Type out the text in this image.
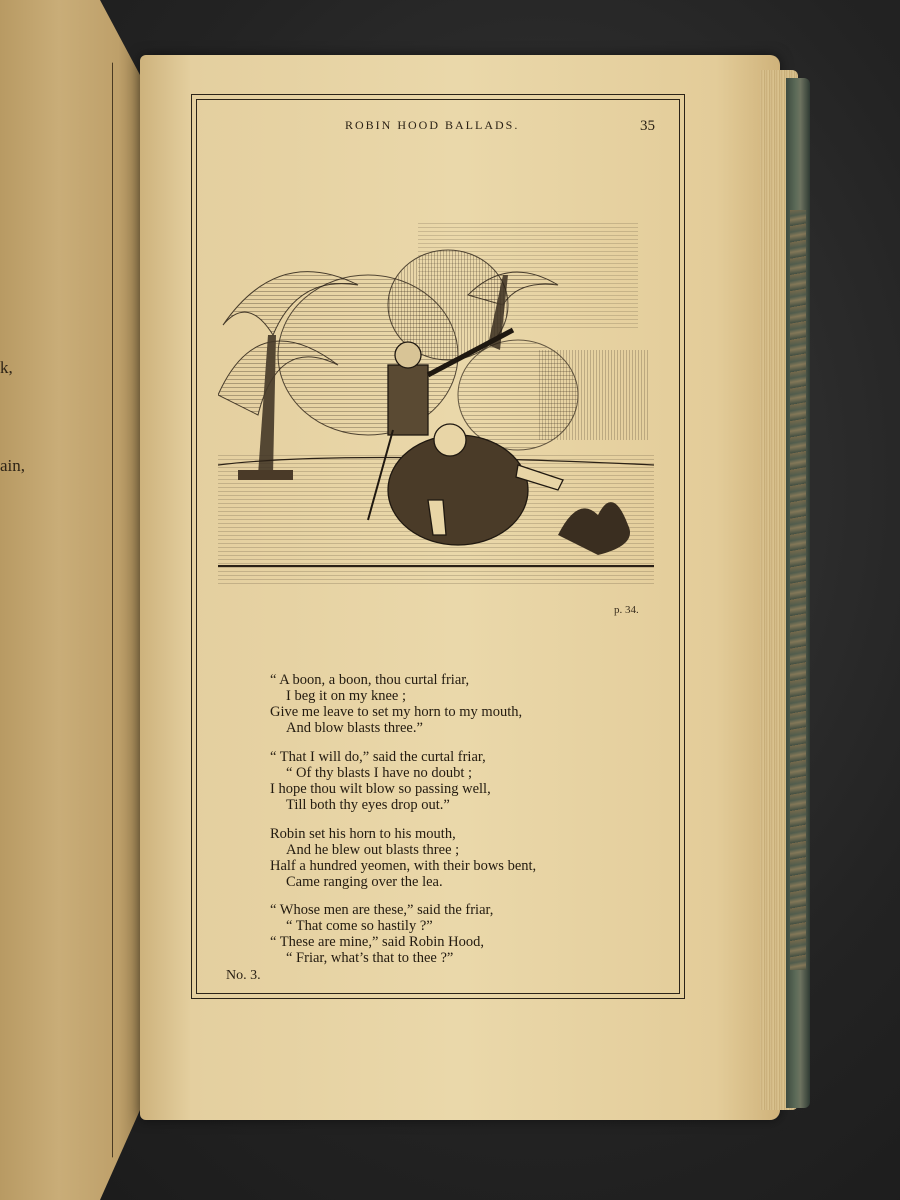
k,
ain,
ROBIN HOOD BALLADS.	35
p. 34.
“ A boon, a boon, thou curtal friar,
I beg it on my knee ;
Give me leave to set my horn to my mouth,
And blow blasts three.”
“ That I will do,” said the curtal friar,
“ Of thy blasts I have no doubt ;
I hope thou wilt blow so passing well,
Till both thy eyes drop out.”
Robin set his horn to his mouth,
And he blew out blasts three ;
Half a hundred yeomen, with their bows bent,
Came ranging over the lea.
“ Whose men are these,” said the friar,
“ That come so hastily ?”
“ These are mine,” said Robin Hood,
“ Friar, what’s that to thee ?”
No. 3.
